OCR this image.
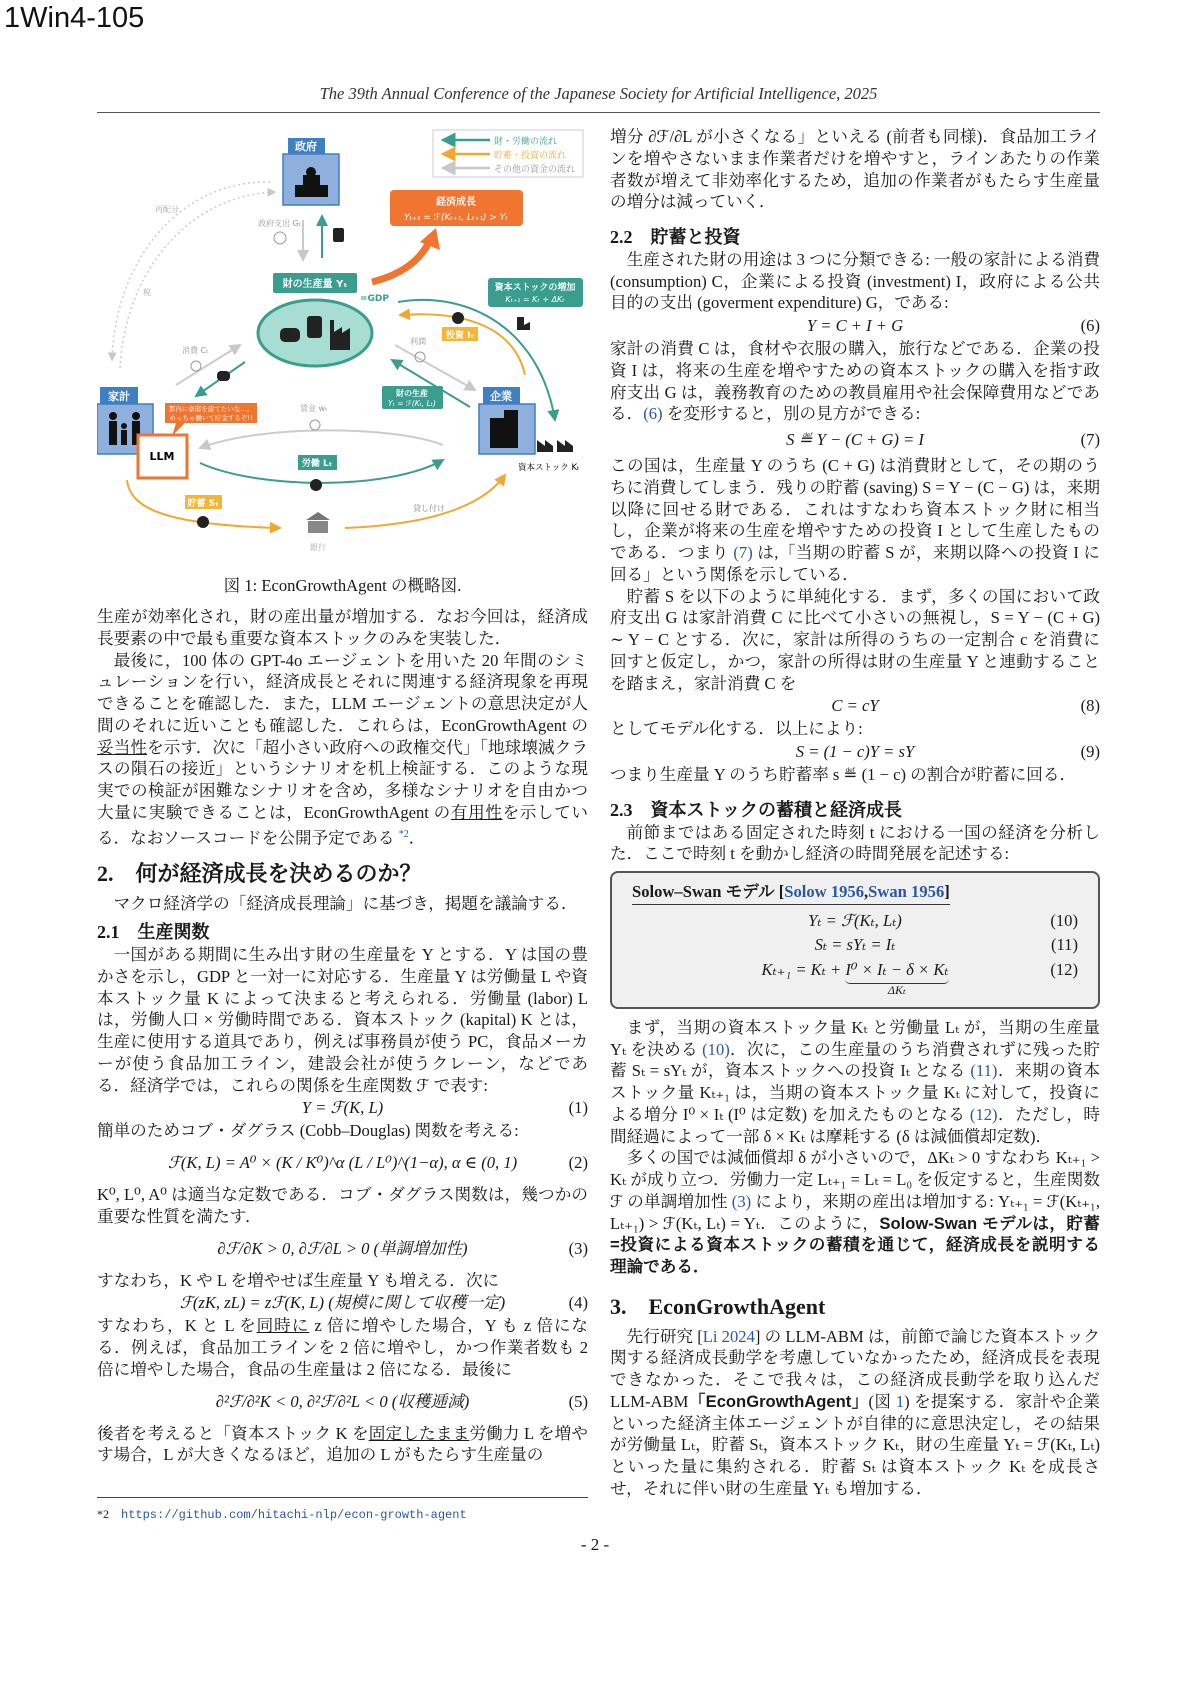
1Win4-105
The 39th Annual Conference of the Japanese Society for Artificial Intelligence, 2025
財・労働の流れ
貯蓄・投資の流れ
その他の資金の流れ
再配分
税
政府
政府支出 Gₜ
経済成長
Yₜ₊₁ = ℱ(Kₜ₊₁, Lₜ₊₁) > Yₜ
財の生産量 Yₜ
=GDP
資本ストックの増加
Kₜ₊₁ = Kₜ + ΔKₜ
投資 Iₜ
利潤
財の生産
Yₜ = ℱ(Kₜ, Lₜ)
消費 Cₜ
家計
LLM
都内に豪邸を建てたいな…。
めっちゃ働いて貯金するぞ!!
企業
資本ストック Kₜ
賃金 wₜ
労働 Lₜ
貯蓄 Sₜ
銀行
貸し付け
図 1: EconGrowthAgent の概略図.

生産が効率化され，財の産出量が増加する．なお今回は，経済成長要素の中で最も重要な資本ストックのみを実装した．

最後に，100 体の GPT-4o エージェントを用いた 20 年間のシミュレーションを行い，経済成長とそれに関連する経済現象を再現できることを確認した．また，LLM エージェントの意思決定が人間のそれに近いことも確認した．これらは，EconGrowthAgent の妥当性を示す．次に「超小さい政府への政権交代」「地球壊滅クラスの隕石の接近」というシナリオを机上検証する．このような現実での検証が困難なシナリオを含め，多様なシナリオを自由かつ大量に実験できることは，EconGrowthAgent の有用性を示している．なおソースコードを公開予定である $^{*2}$．

2. 何が経済成長を決めるのか？

マクロ経済学の「経済成長理論」に基づき，掲題を議論する．

2.1 生産関数

一国がある期間に生み出す財の生産量を Y とする．Y は国の豊かさを示し，GDP と一対一に対応する．生産量 Y は労働量 L や資本ストック量 K によって決まると考えられる．労働量 (labor) L は，労働人口 × 労働時間である．資本ストック (kapital) K とは，生産に使用する道具であり，例えば事務員が使う PC，食品メーカーが使う食品加工ライン，建設会社が使うクレーン，などである．経済学では，これらの関係を生産関数 ℱ で表す:

Y = ℱ(K, L)	(1)

簡単のためコブ・ダグラス (Cobb–Douglas) 関数を考える:

ℱ(K, L) = A⁰ × (K / K⁰)^α (L / L⁰)^(1−α), α ∈ (0, 1)	(2)

K⁰, L⁰, A⁰ は適当な定数である．コブ・ダグラス関数は，幾つかの重要な性質を満たす．

∂ℱ/∂K > 0, ∂ℱ/∂L > 0 (単調増加性)	(3)

すなわち，K や L を増やせば生産量 Y も増える．次に

ℱ(zK, zL) = zℱ(K, L) (規模に関して収穫一定)	(4)

すなわち，K と L を同時に z 倍に増やした場合，Y も z 倍になる．例えば，食品加工ラインを 2 倍に増やし，かつ作業者数も 2 倍に増やした場合，食品の生産量は 2 倍になる．最後に

∂²ℱ/∂²K < 0, ∂²ℱ/∂²L < 0 (収穫逓減)	(5)

後者を考えると「資本ストック K を固定したまま労働力 L を増やす場合，L が大きくなるほど，追加の L がもたらす生産量の

*2 https://github.com/hitachi-nlp/econ-growth-agent
- 2 -

増分 ∂ℱ/∂L が小さくなる」といえる (前者も同様)．食品加工ラインを増やさないまま作業者だけを増やすと，ラインあたりの作業者数が増えて非効率化するため，追加の作業者がもたらす生産量の増分は減っていく．

2.2 貯蓄と投資

生産された財の用途は 3 つに分類できる: 一般の家計による消費 (consumption) C，企業による投資 (investment) I，政府による公共目的の支出 (goverment expenditure) G，である:

Y = C + I + G	(6)

家計の消費 C は，食材や衣服の購入，旅行などである．企業の投資 I は，将来の生産を増やすための資本ストックの購入を指す政府支出 G は，義務教育のための教員雇用や社会保障費用などである．(6) を変形すると，別の見方ができる:

S ≝ Y − (C + G) = I	(7)

この国は，生産量 Y のうち (C + G) は消費財として，その期のうちに消費してしまう．残りの貯蓄 (saving) S = Y − (C − G) は，来期以降に回せる財である．これはすなわち資本ストック財に相当し，企業が将来の生産を増やすための投資 I として生産したものである．つまり (7) は,「当期の貯蓄 S が，来期以降への投資 I に回る」という関係を示している．

貯蓄 S を以下のように単純化する．まず，多くの国において政府支出 G は家計消費 C に比べて小さいの無視し，S = Y − (C + G) ∼ Y − C とする．次に，家計は所得のうちの一定割合 c を消費に回すと仮定し，かつ，家計の所得は財の生産量 Y と連動することを踏まえ，家計消費 C を

C = cY	(8)

としてモデル化する．以上により:

S = (1 − c)Y = sY	(9)

つまり生産量 Y のうち貯蓄率 s ≝ (1 − c) の割合が貯蓄に回る．

2.3 資本ストックの蓄積と経済成長

前節まではある固定された時刻 t における一国の経済を分析した．ここで時刻 t を動かし経済の時間発展を記述する:

Solow–Swan モデル [Solow 1956,Swan 1956]
Yₜ = ℱ(Kₜ, Lₜ)	(10)
Sₜ = sYₜ = Iₜ	(11)
Kₜ₊₁ = Kₜ + I⁰ × Iₜ − δ × Kₜ
ΔKₜ
(12)

まず，当期の資本ストック量 Kₜ と労働量 Lₜ が，当期の生産量 Yₜ を決める (10)．次に，この生産量のうち消費されずに残った貯蓄 Sₜ = sYₜ が，資本ストックへの投資 Iₜ となる (11)．来期の資本ストック量 Kₜ₊₁ は，当期の資本ストック量 Kₜ に対して，投資による増分 I⁰ × Iₜ (I⁰ は定数) を加えたものとなる (12)．ただし，時間経過によって一部 δ × Kₜ は摩耗する (δ は減価償却定数)．

多くの国では減価償却 δ が小さいので，ΔKₜ > 0 すなわち Kₜ₊₁ > Kₜ が成り立つ．労働力一定 Lₜ₊₁ = Lₜ = L₀ を仮定すると，生産関数 ℱ の単調増加性 (3) により，来期の産出は増加する: Yₜ₊₁ = ℱ(Kₜ₊₁, Lₜ₊₁) > ℱ(Kₜ, Lₜ) = Yₜ．このように，Solow-Swan モデルは，貯蓄=投資による資本ストックの蓄積を通じて，経済成長を説明する理論である．

3. EconGrowthAgent

先行研究 [Li 2024] の LLM-ABM は，前節で論じた資本ストック関する経済成長動学を考慮していなかったため，経済成長を表現できなかった．そこで我々は，この経済成長動学を取り込んだ LLM-ABM「EconGrowthAgent」(図 1) を提案する．家計や企業といった経済主体エージェントが自律的に意思決定し，その結果が労働量 Lₜ，貯蓄 Sₜ，資本ストック Kₜ，財の生産量 Yₜ = ℱ(Kₜ, Lₜ) といった量に集約される．貯蓄 Sₜ は資本ストック Kₜ を成長させ，それに伴い財の生産量 Yₜ も増加する．
